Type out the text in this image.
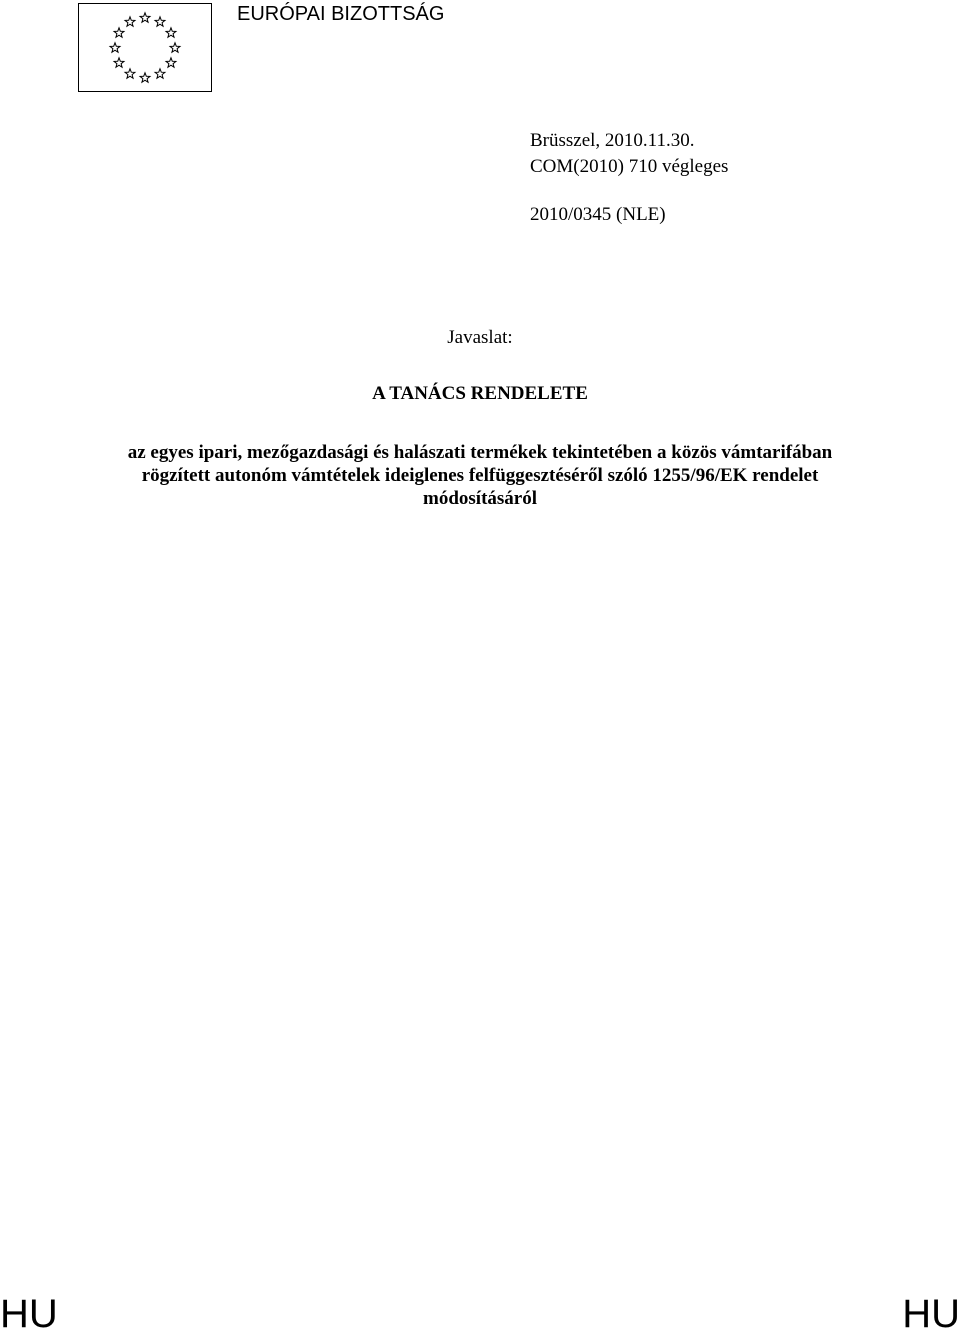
EURÓPAI BIZOTTSÁG
Brüsszel, 2010.11.30.
COM(2010) 710 végleges
2010/0345 (NLE)
Javaslat:
A TANÁCS RENDELETE
az egyes ipari, mezőgazdasági és halászati termékek tekintetében a közös vámtarifában
rögzített autonóm vámtételek ideiglenes felfüggesztéséről szóló 1255/96/EK rendelet
módosításáról
HU	HU
